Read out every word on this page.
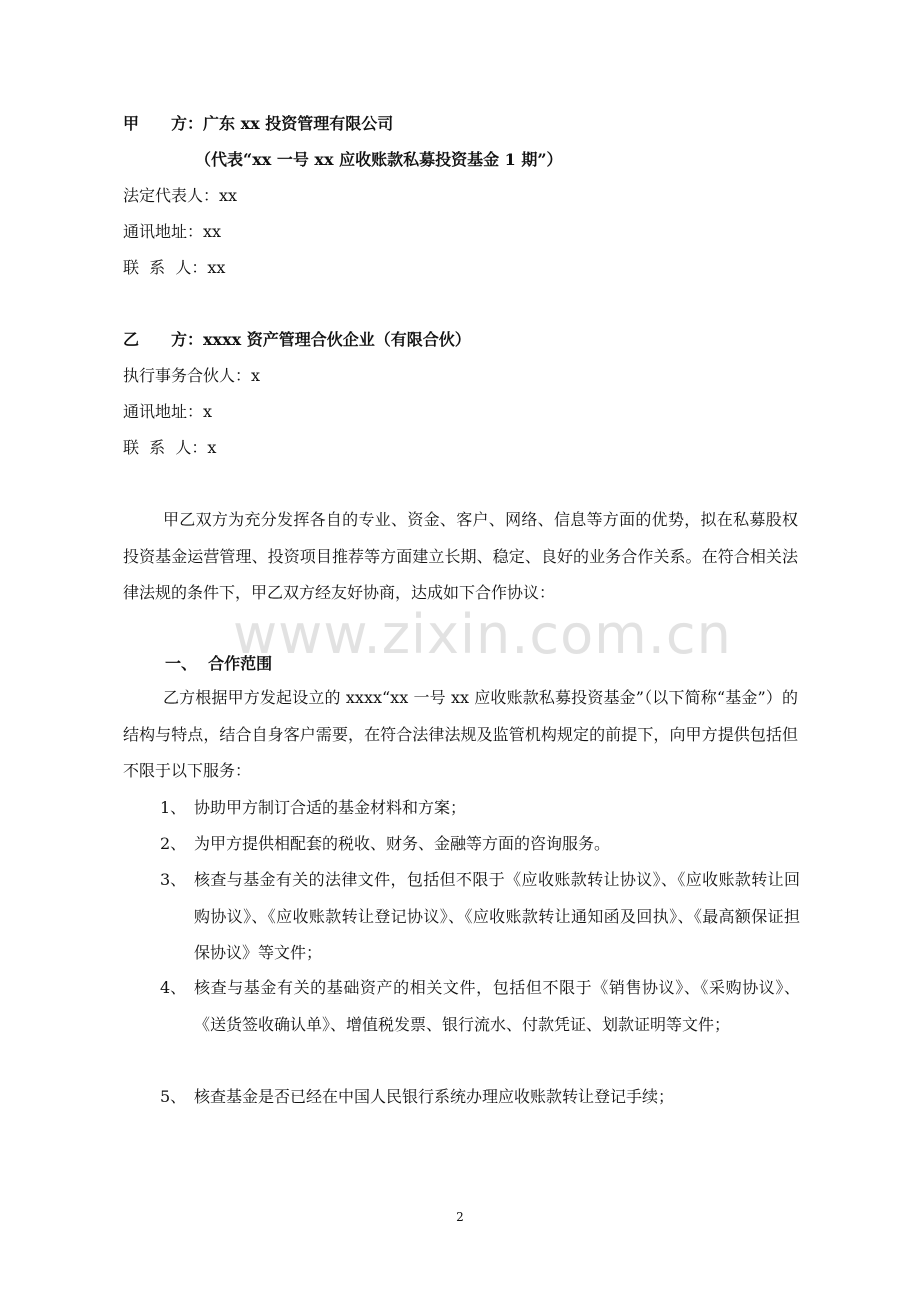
甲　　方：广东 xx 投资管理有限公司
（代表“xx 一号 xx 应收账款私募投资基金 1 期”）
法定代表人：xx
通讯地址：xx
联  系  人：xx
乙　　方：xxxx 资产管理合伙企业（有限合伙）
执行事务合伙人：x
通讯地址：x
联  系  人：x
甲乙双方为充分发挥各自的专业、资金、客户、网络、信息等方面的优势，拟在私募股权投资基金运营管理、投资项目推荐等方面建立长期、稳定、良好的业务合作关系。在符合相关法律法规的条件下，甲乙双方经友好协商，达成如下合作协议：
www.zixin.com.cn
一、  合作范围
乙方根据甲方发起设立的 xxxx“xx 一号 xx 应收账款私募投资基金”（以下简称“基金”）的结构与特点，结合自身客户需要，在符合法律法规及监管机构规定的前提下，向甲方提供包括但不限于以下服务：
1、 协助甲方制订合适的基金材料和方案；
2、 为甲方提供相配套的税收、财务、金融等方面的咨询服务。
3、 核查与基金有关的法律文件，包括但不限于《应收账款转让协议》、《应收账款转让回购协议》、《应收账款转让登记协议》、《应收账款转让通知函及回执》、《最高额保证担保协议》等文件；
4、 核查与基金有关的基础资产的相关文件，包括但不限于《销售协议》、《采购协议》、《送货签收确认单》、增值税发票、银行流水、付款凭证、划款证明等文件；
5、 核查基金是否已经在中国人民银行系统办理应收账款转让登记手续；
2
